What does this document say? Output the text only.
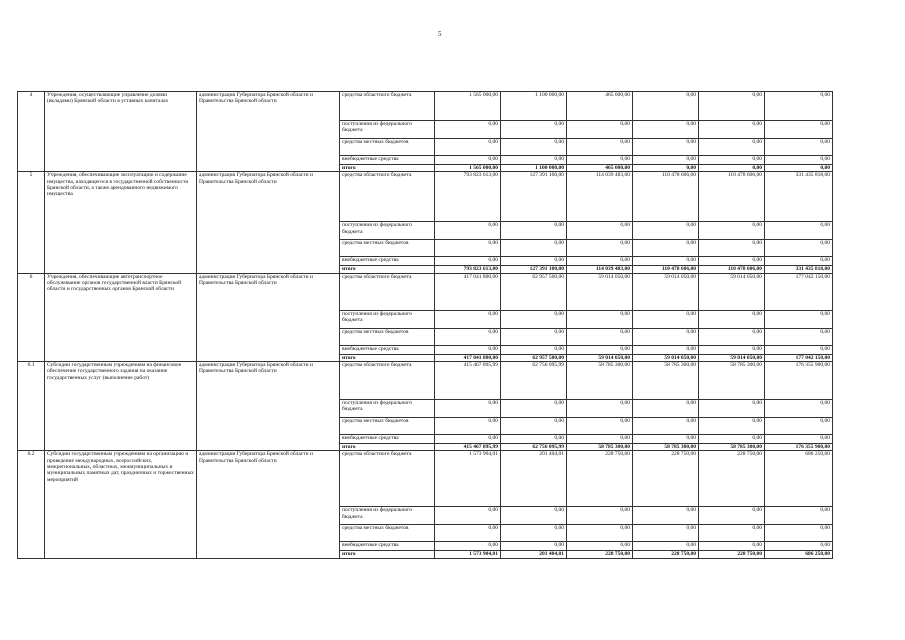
5
4	Учреждения, осуществляющие управление долями (вкладами) Брянской области в уставных капиталах	администрация Губернатора Брянской области и Правительства Брянской области	средства областного бюджета	1 565 000,00	1 100 000,00	465 000,00	0,00	0,00	0,00
			поступления из федерального бюджета	0,00	0,00	0,00	0,00	0,00	0,00
			средства местных бюджетов	0,00	0,00	0,00	0,00	0,00	0,00
			внебюджетные средства	0,00	0,00	0,00	0,00	0,00	0,00
			итого	1 565 000,00	1 100 000,00	465 000,00	0,00	0,00	0,00
5	Учреждения, обеспечивающие эксплуатацию и содержание имущества, находящегося в государственной собственности Брянской области, а также арендованного недвижимого имущества	администрация Губернатора Брянской области и Правительства Брянской области	средства областного бюджета	793 823 613,00	127 391 100,00	114 039 483,00	110 478 606,00	110 478 606,00	331 435 818,00
			поступления из федерального бюджета	0,00	0,00	0,00	0,00	0,00	0,00
			средства местных бюджетов	0,00	0,00	0,00	0,00	0,00	0,00
			внебюджетные средства	0,00	0,00	0,00	0,00	0,00	0,00
			итого	793 823 613,00	127 391 100,00	114 039 483,00	110 478 606,00	110 478 606,00	331 435 818,00
6	Учреждения, обеспечивающие автотранспортное обслуживание органов государственной власти Брянской области и государственных органов Брянской области	администрация Губернатора Брянской области и Правительства Брянской области	средства областного бюджета	417 041 800,00	62 957 500,00	59 014 050,00	59 014 050,00	59 014 050,00	177 042 150,00
			поступления из федерального бюджета	0,00	0,00	0,00	0,00	0,00	0,00
			средства местных бюджетов	0,00	0,00	0,00	0,00	0,00	0,00
			внебюджетные средства	0,00	0,00	0,00	0,00	0,00	0,00
			итого	417 041 800,00	62 957 500,00	59 014 050,00	59 014 050,00	59 014 050,00	177 042 150,00
6.1	Субсидии государственным учреждениям на финансовое обеспечение государственного задания на оказание государственных услуг (выполнение работ)	администрация Губернатора Брянской области и Правительства Брянской области	средства областного бюджета	415 467 895,99	62 756 095,99	58 785 300,00	58 785 300,00	58 785 300,00	176 355 900,00
			поступления из федерального бюджета	0,00	0,00	0,00	0,00	0,00	0,00
			средства местных бюджетов	0,00	0,00	0,00	0,00	0,00	0,00
			внебюджетные средства	0,00	0,00	0,00	0,00	0,00	0,00
			итого	415 467 895,99	62 756 095,99	58 785 300,00	58 785 300,00	58 785 300,00	176 355 900,00
6.2	Субсидии государственным учреждениям на организацию и проведение международных, всероссийских, межрегиональных, областных, межмуниципальных и муниципальных памятных дат, праздничных и торжественных мероприятий	администрация Губернатора Брянской области и Правительства Брянской области	средства областного бюджета	1 573 904,01	201 404,01	228 750,00	228 750,00	228 750,00	686 250,00
			поступления из федерального бюджета	0,00	0,00	0,00	0,00	0,00	0,00
			средства местных бюджетов	0,00	0,00	0,00	0,00	0,00	0,00
			внебюджетные средства	0,00	0,00	0,00	0,00	0,00	0,00
			итого	1 573 904,01	201 404,01	228 750,00	228 750,00	228 750,00	686 250,00
